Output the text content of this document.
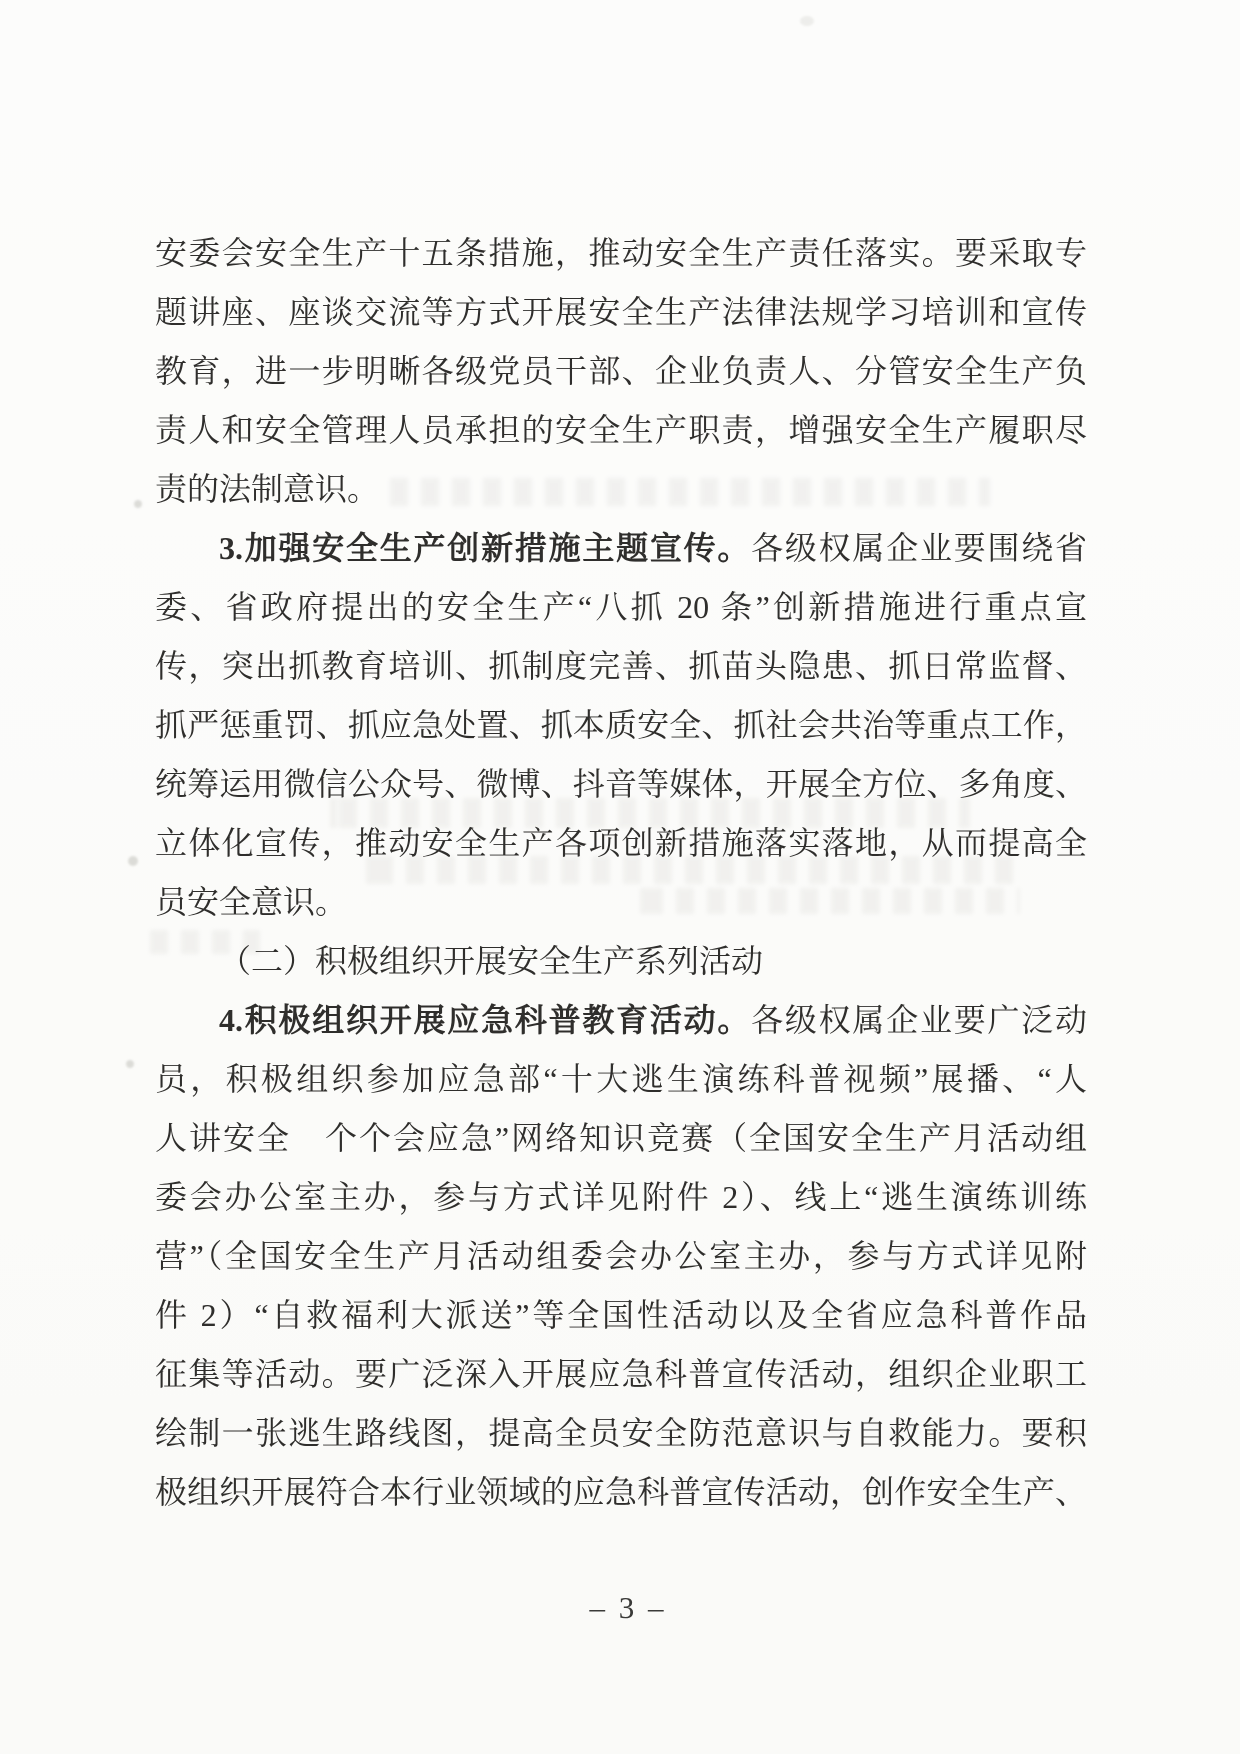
安委会安全生产十五条措施，推动安全生产责任落实。要采取专
题讲座、座谈交流等方式开展安全生产法律法规学习培训和宣传
教育，进一步明晰各级党员干部、企业负责人、分管安全生产负
责人和安全管理人员承担的安全生产职责，增强安全生产履职尽
责的法制意识。
3.加强安全生产创新措施主题宣传。各级权属企业要围绕省
委、省政府提出的安全生产“八抓 20 条”创新措施进行重点宣
传，突出抓教育培训、抓制度完善、抓苗头隐患、抓日常监督、
抓严惩重罚、抓应急处置、抓本质安全、抓社会共治等重点工作，
统筹运用微信公众号、微博、抖音等媒体，开展全方位、多角度、
立体化宣传，推动安全生产各项创新措施落实落地，从而提高全
员安全意识。
（二）积极组织开展安全生产系列活动
4.积极组织开展应急科普教育活动。各级权属企业要广泛动
员，积极组织参加应急部“十大逃生演练科普视频”展播、“人
人讲安全　个个会应急”网络知识竞赛（全国安全生产月活动组
委会办公室主办，参与方式详见附件 2）、线上“逃生演练训练
营”（全国安全生产月活动组委会办公室主办，参与方式详见附
件 2）“自救福利大派送”等全国性活动以及全省应急科普作品
征集等活动。要广泛深入开展应急科普宣传活动，组织企业职工
绘制一张逃生路线图，提高全员安全防范意识与自救能力。要积
极组织开展符合本行业领域的应急科普宣传活动，创作安全生产、
– 3 –
